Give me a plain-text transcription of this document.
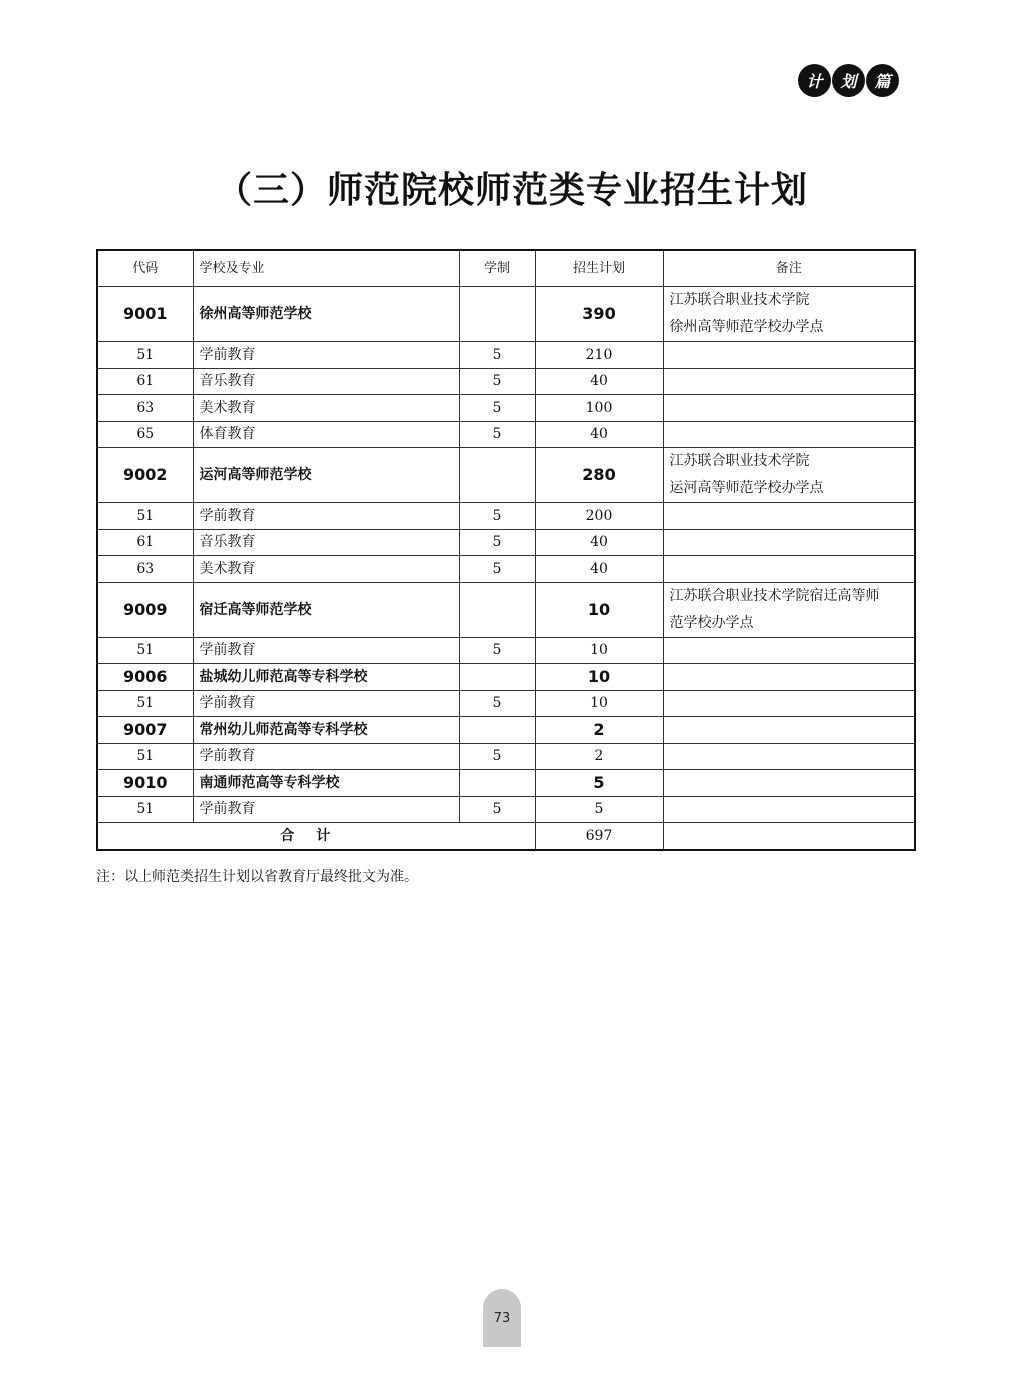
计	划	篇
（三）师范院校师范类专业招生计划
代码	学校及专业	学制	招生计划	备注
9001	徐州高等师范学校		390	江苏联合职业技术学院
徐州高等师范学校办学点

51	学前教育	5	210	
61	音乐教育	5	40	
63	美术教育	5	100	
65	体育教育	5	40	
9002	运河高等师范学校		280	江苏联合职业技术学院
运河高等师范学校办学点

51	学前教育	5	200	
61	音乐教育	5	40	
63	美术教育	5	40	
9009	宿迁高等师范学校		10	江苏联合职业技术学院宿迁高等师
范学校办学点

51	学前教育	5	10	
9006	盐城幼儿师范高等专科学校		10	
51	学前教育	5	10	
9007	常州幼儿师范高等专科学校		2	
51	学前教育	5	2	
9010	南通师范高等专科学校		5	
51	学前教育	5	5	
合计			697	
注：以上师范类招生计划以省教育厅最终批文为准。
73
